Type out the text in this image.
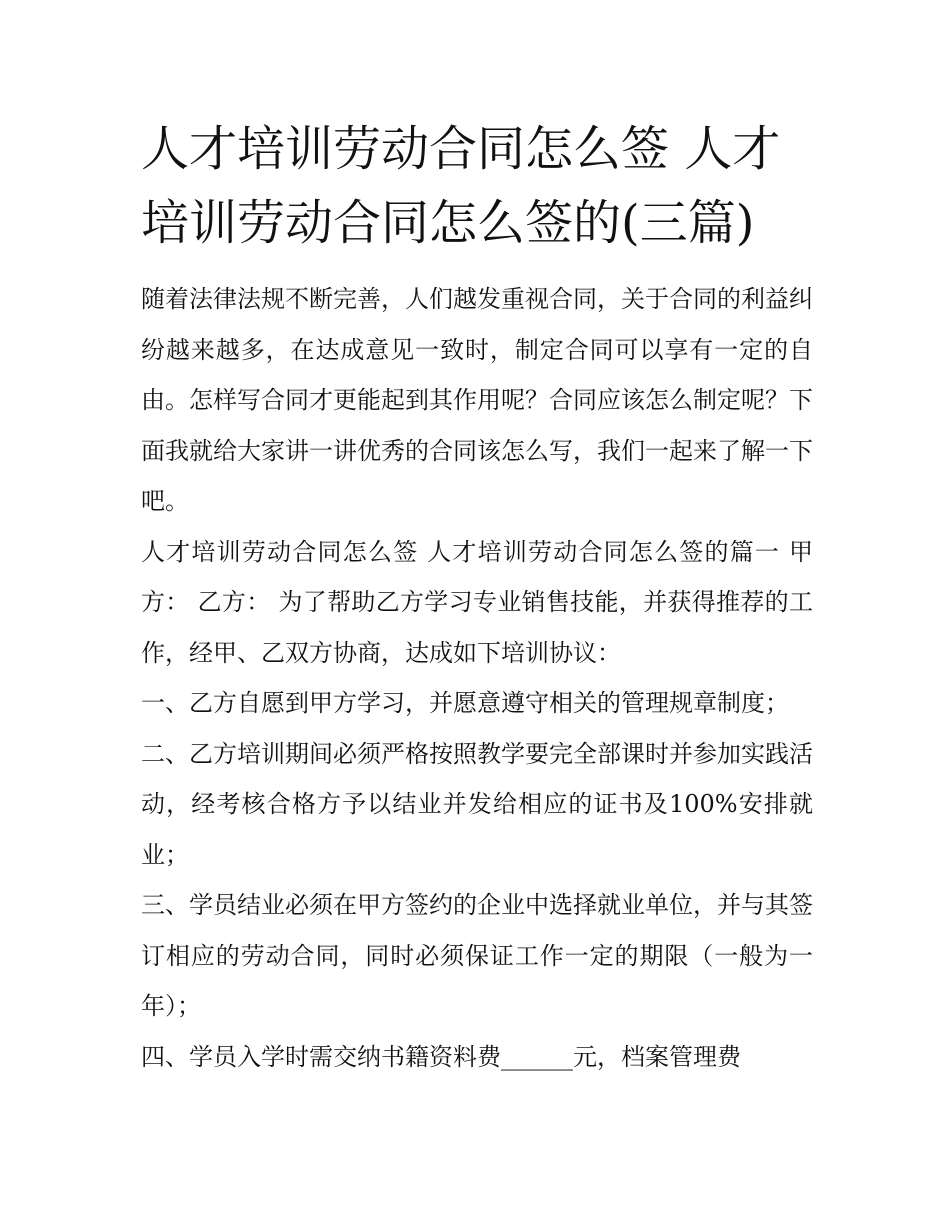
人才培训劳动合同怎么签 人才培训劳动合同怎么签的(三篇)

随着法律法规不断完善，人们越发重视合同，关于合同的利益纠纷越来越多，在达成意见一致时，制定合同可以享有一定的自由。怎样写合同才更能起到其作用呢？合同应该怎么制定呢？下面我就给大家讲一讲优秀的合同该怎么写，我们一起来了解一下吧。

人才培训劳动合同怎么签 人才培训劳动合同怎么签的篇一 甲方： 乙方： 为了帮助乙方学习专业销售技能，并获得推荐的工作，经甲、乙双方协商，达成如下培训协议：

一、乙方自愿到甲方学习，并愿意遵守相关的管理规章制度；

二、乙方培训期间必须严格按照教学要完全部课时并参加实践活动，经考核合格方予以结业并发给相应的证书及100%安排就业；

三、学员结业必须在甲方签约的企业中选择就业单位，并与其签订相应的劳动合同，同时必须保证工作一定的期限（一般为一年）；

四、学员入学时需交纳书籍资料费______元，档案管理费
